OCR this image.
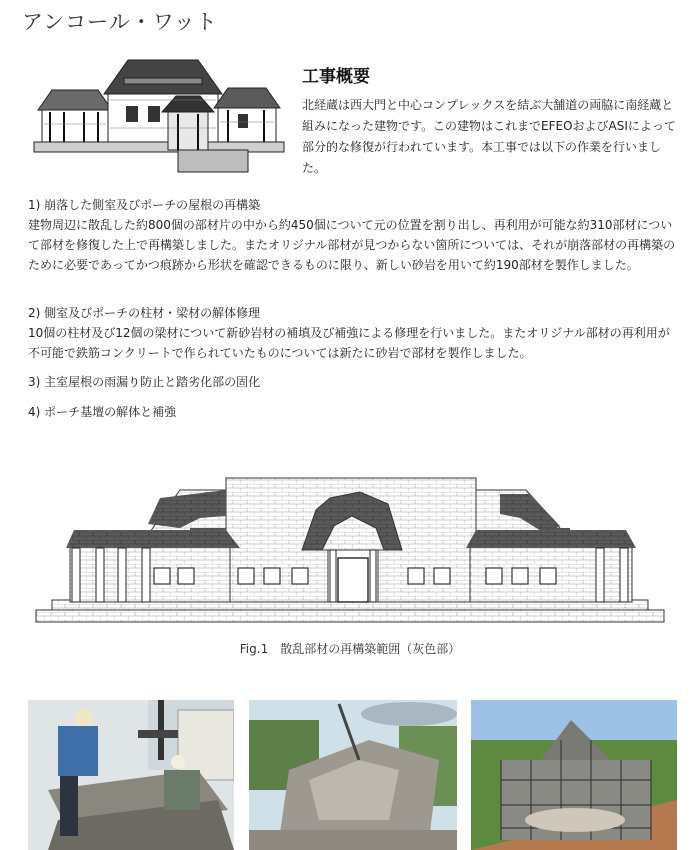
アンコール・ワット
工事概要
北経蔵は西大門と中心コンプレックスを結ぶ大舗道の両脇に南経蔵と組みになった建物です。この建物はこれまでEFEOおよびASIによって部分的な修復が行われています。本工事では以下の作業を行いました。
1) 崩落した側室及びポーチの屋根の再構築
建物周辺に散乱した約800個の部材片の中から約450個について元の位置を割り出し、再利用が可能な約310部材について部材を修復した上で再構築しました。またオリジナル部材が見つからない箇所については、それが崩落部材の再構築のために必要であってかつ痕跡から形状を確認できるものに限り、新しい砂岩を用いて約190部材を製作しました。
2) 側室及びポーチの柱材・梁材の解体修理
10個の柱材及び12個の梁材について新砂岩材の補填及び補強による修理を行いました。またオリジナル部材の再利用が不可能で鉄筋コンクリートで作られていたものについては新たに砂岩で部材を製作しました。
3) 主室屋根の雨漏り防止と踏劣化部の固化
4) ポーチ基壇の解体と補強
Fig.1　散乱部材の再構築範囲（灰色部）
